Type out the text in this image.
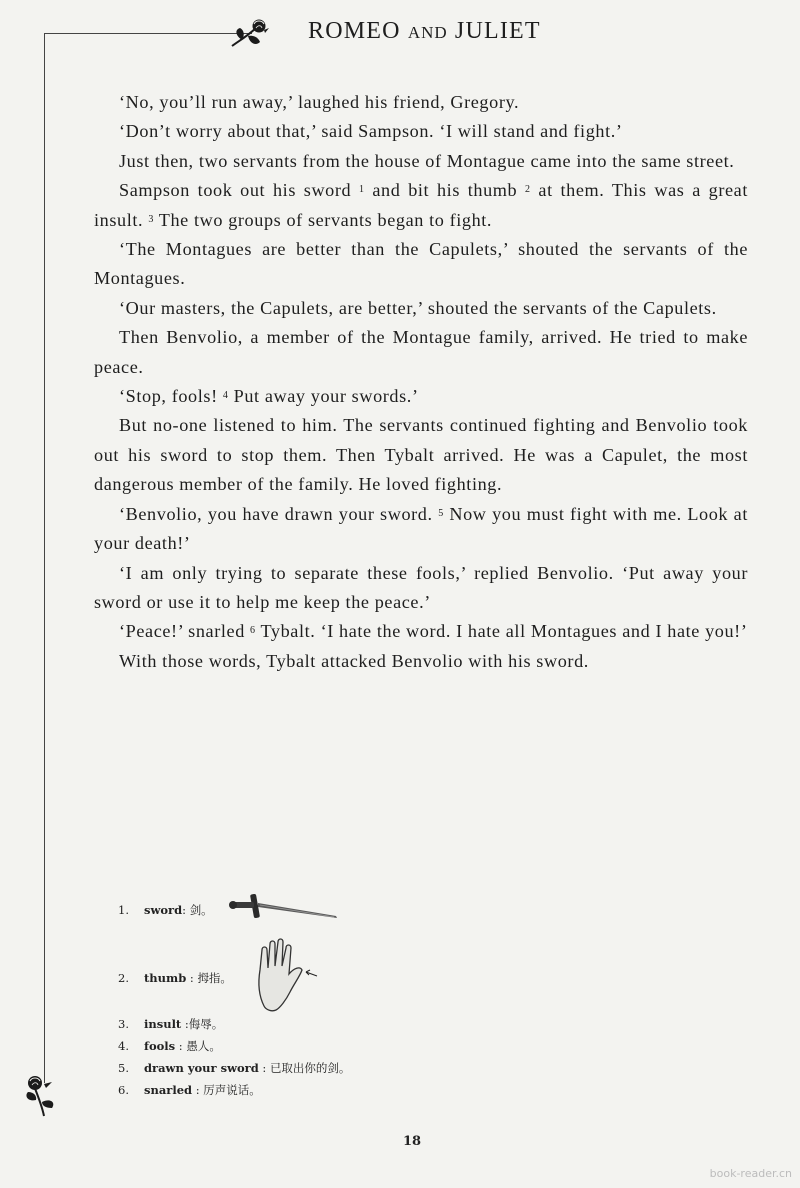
ROMEO AND JULIET

‘No, you’ll run away,’ laughed his friend, Gregory.

‘Don’t worry about that,’ said Sampson. ‘I will stand and fight.’

Just then, two servants from the house of Montague came into the same street.

Sampson took out his sword $^1$ and bit his thumb $^2$ at them. This was a great insult. $^3$ The two groups of servants began to fight.

‘The Montagues are better than the Capulets,’ shouted the servants of the Montagues.

‘Our masters, the Capulets, are better,’ shouted the servants of the Capulets.

Then Benvolio, a member of the Montague family, arrived. He tried to make peace.

‘Stop, fools! $^4$ Put away your swords.’

But no-one listened to him. The servants continued fighting and Benvolio took out his sword to stop them. Then Tybalt arrived. He was a Capulet, the most dangerous member of the family. He loved fighting.

‘Benvolio, you have drawn your sword. $^5$ Now you must fight with me. Look at your death!’

‘I am only trying to separate these fools,’ replied Benvolio. ‘Put away your sword or use it to help me keep the peace.’

‘Peace!’ snarled $^6$ Tybalt. ‘I hate the word. I hate all Montagues and I hate you!’

With those words, Tybalt attacked Benvolio with his sword.

1. sword: 剑。
2. thumb : 拇指。
3. insult :侮辱。
4. fools : 愚人。
5. drawn your sword : 已取出你的剑。
6. snarled : 厉声说话。
18
book-reader.cn
